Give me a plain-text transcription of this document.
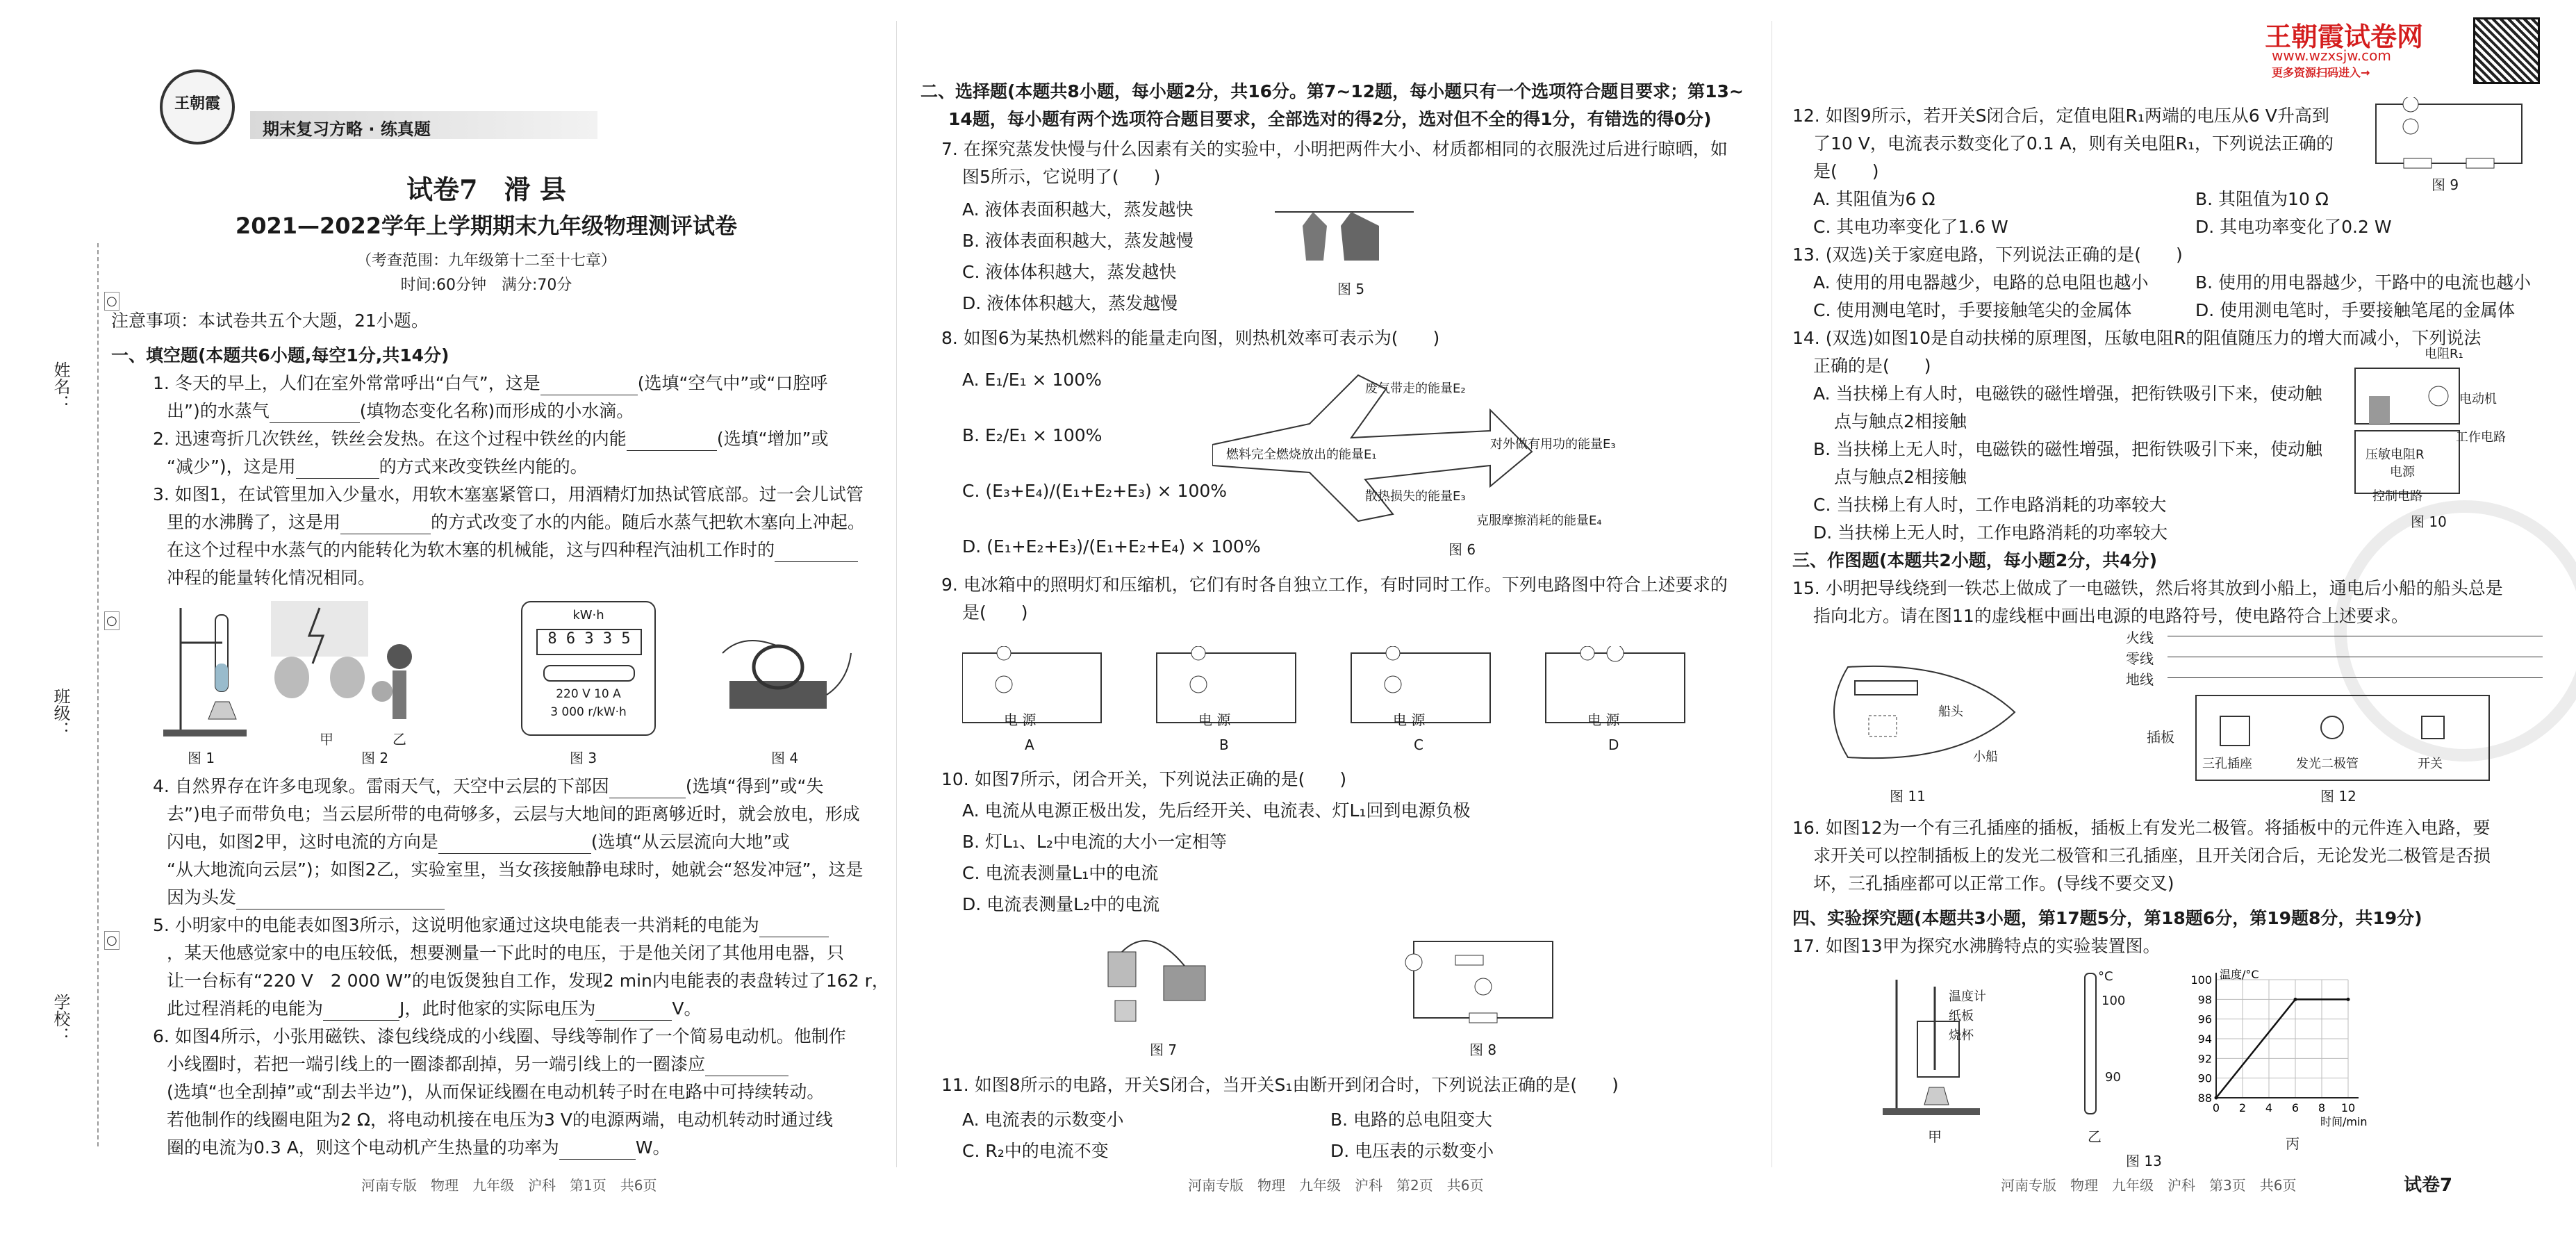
姓名：
班级：
学校：
○
○
○
王朝霞试卷网
www.wzxsjw.com
更多资源扫码进入→
王朝霞
期末复习方略 · 练真题
试卷7　滑 县
2021—2022学年上学期期末九年级物理测评试卷
（考查范围：九年级第十二至十七章）
时间:60分钟　满分:70分
注意事项：本试卷共五个大题，21小题。
一、填空题(本题共6小题,每空1分,共14分)
1. 冬天的早上，人们在室外常常呼出“白气”，这是	(选填“空气中”或“口腔呼
出”)的水蒸气	(填物态变化名称)而形成的小水滴。
2. 迅速弯折几次铁丝，铁丝会发热。在这个过程中铁丝的内能	(选填“增加”或
“减少”)，这是用	的方式来改变铁丝内能的。
3. 如图1，在试管里加入少量水，用软木塞塞紧管口，用酒精灯加热试管底部。过一会儿试管
里的水沸腾了，这是用	的方式改变了水的内能。随后水蒸气把软木塞向上冲起。
在这个过程中水蒸气的内能转化为软木塞的机械能，这与四种程汽油机工作时的
冲程的能量转化情况相同。
图 1
甲	乙
图 2
kW·h
8 6 3 3 5
220 V 10 A
3 000 r/kW·h
图 3	图 4
4. 自然界存在许多电现象。雷雨天气，天空中云层的下部因	(选填“得到”或“失
去”)电子而带负电；当云层所带的电荷够多，云层与大地间的距离够近时，就会放电，形成
闪电，如图2甲，这时电流的方向是	(选填“从云层流向大地”或
“从大地流向云层”)；如图2乙，实验室里，当女孩接触静电球时，她就会“怒发冲冠”，这是
因为头发
5. 小明家中的电能表如图3所示，这说明他家通过这块电能表一共消耗的电能为
，某天他感觉家中的电压较低，想要测量一下此时的电压，于是他关闭了其他用电器，只
让一台标有“220 V　2 000 W”的电饭煲独自工作，发现2 min内电能表的表盘转过了162 r，
此过程消耗的电能为	J，此时他家的实际电压为	V。
6. 如图4所示，小张用磁铁、漆包线绕成的小线圈、导线等制作了一个简易电动机。他制作
小线圈时，若把一端引线上的一圈漆都刮掉，另一端引线上的一圈漆应
(选填“也全刮掉”或“刮去半边”)，从而保证线圈在电动机转子时在电路中可持续转动。
若他制作的线圈电阻为2 Ω，将电动机接在电压为3 V的电源两端，电动机转动时通过线
圈的电流为0.3 A，则这个电动机产生热量的功率为	W。
河南专版　物理　九年级　沪科　第1页　共6页
二、选择题(本题共8小题，每小题2分，共16分。第7~12题，每小题只有一个选项符合题目要求；第13~
14题，每小题有两个选项符合题目要求，全部选对的得2分，选对但不全的得1分，有错选的得0分)
7. 在探究蒸发快慢与什么因素有关的实验中，小明把两件大小、材质都相同的衣服洗过后进行晾晒，如
图5所示，它说明了(　　)
A. 液体表面积越大，蒸发越快
B. 液体表面积越大，蒸发越慢
C. 液体体积越大，蒸发越快
D. 液体体积越大，蒸发越慢
图 5
8. 如图6为某热机燃料的能量走向图，则热机效率可表示为(　　)
A. E₁/E₁ × 100%
B. E₂/E₁ × 100%
C. (E₃+E₄)/(E₁+E₂+E₃) × 100%
D. (E₁+E₂+E₃)/(E₁+E₂+E₄) × 100%
燃料完全燃烧放出的能量E₁
废气带走的能量E₂
对外做有用功的能量E₃
散热损失的能量E₃
克服摩擦消耗的能量E₄
图 6
9. 电冰箱中的照明灯和压缩机，它们有时各自独立工作，有时同时工作。下列电路图中符合上述要求的
是(　　)
电 源	电 源	电 源	电 源
A	B	C	D
10. 如图7所示，闭合开关，下列说法正确的是(　　)
A. 电流从电源正极出发，先后经开关、电流表、灯L₁回到电源负极
B. 灯L₁、L₂中电流的大小一定相等
C. 电流表测量L₁中的电流
D. 电流表测量L₂中的电流
图 7	图 8
11. 如图8所示的电路，开关S闭合，当开关S₁由断开到闭合时，下列说法正确的是(　　)
A. 电流表的示数变小	B. 电路的总电阻变大
C. R₂中的电流不变	D. 电压表的示数变小
河南专版　物理　九年级　沪科　第2页　共6页
12. 如图9所示，若开关S闭合后，定值电阻R₁两端的电压从6 V升高到
了10 V，电流表示数变化了0.1 A，则有关电阻R₁，下列说法正确的
是(　　)
A. 其阻值为6 Ω	B. 其阻值为10 Ω
C. 其电功率变化了1.6 W	D. 其电功率变化了0.2 W
图 9
13. (双选)关于家庭电路，下列说法正确的是(　　)
A. 使用的用电器越少，电路的总电阻也越小	B. 使用的用电器越少，干路中的电流也越小
C. 使用测电笔时，手要接触笔尖的金属体	D. 使用测电笔时，手要接触笔尾的金属体
14. (双选)如图10是自动扶梯的原理图，压敏电阻R的阻值随压力的增大而减小，下列说法
正确的是(　　)
A. 当扶梯上有人时，电磁铁的磁性增强，把衔铁吸引下来，使动触
点与触点2相接触
B. 当扶梯上无人时，电磁铁的磁性增强，把衔铁吸引下来，使动触
点与触点2相接触
C. 当扶梯上有人时，工作电路消耗的功率较大
D. 当扶梯上无人时，工作电路消耗的功率较大
电阻R₁
电动机
工作电路
压敏电阻R
电源
控制电路
图 10
三、作图题(本题共2小题，每小题2分，共4分)
15. 小明把导线绕到一铁芯上做成了一电磁铁，然后将其放到小船上，通电后小船的船头总是
指向北方。请在图11的虚线框中画出电源的电路符号，使电路符合上述要求。
船头
小船
图 11
火线
零线
地线
插板
三孔插座	发光二极管	开关
图 12
16. 如图12为一个有三孔插座的插板，插板上有发光二极管。将插板中的元件连入电路，要
求开关可以控制插板上的发光二极管和三孔插座，且开关闭合后，无论发光二极管是否损
坏，三孔插座都可以正常工作。(导线不要交叉)
四、实验探究题(本题共3小题，第17题5分，第18题6分，第19题8分，共19分)
17. 如图13甲为探究水沸腾特点的实验装置图。
温度计
纸板
烧杯
甲
°C
100
90
乙
100
98
96
94
92
90
88
0 2 4 6 8 10
温度/°C
时间/min
丙
图 13
河南专版　物理　九年级　沪科　第3页　共6页	试卷7
